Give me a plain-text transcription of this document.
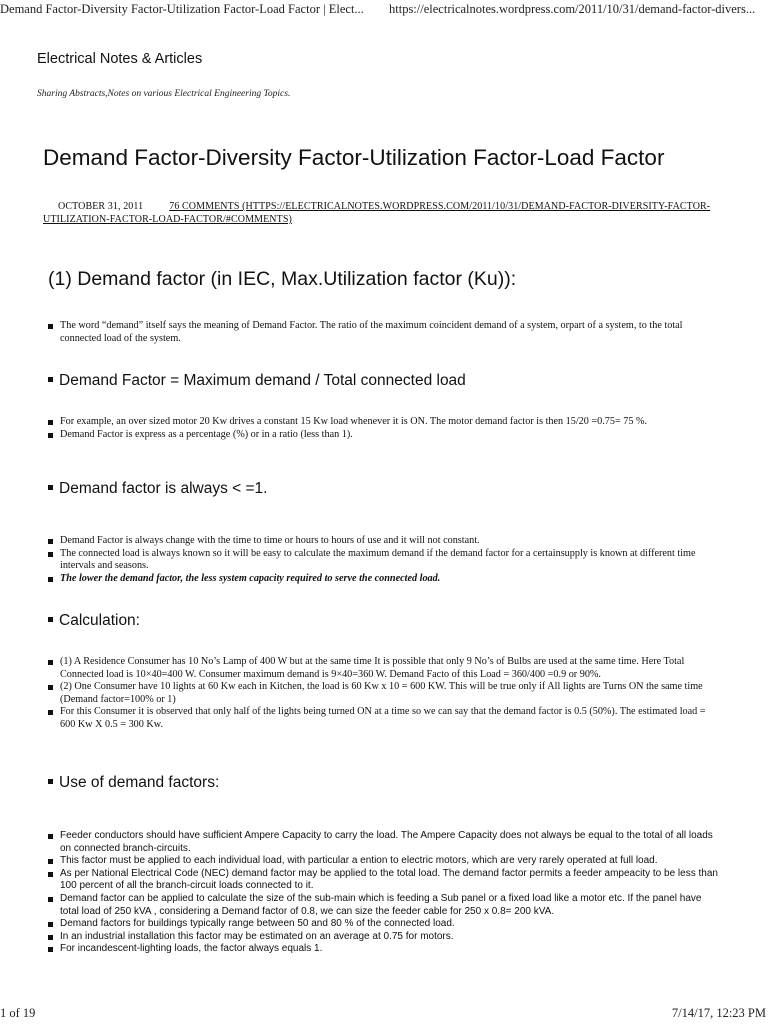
Demand Factor-Diversity Factor-Utilization Factor-Load Factor | Elect... https://electricalnotes.wordpress.com/2011/10/31/demand-factor-divers...
Electrical Notes & Articles
Sharing Abstracts,Notes on various Electrical Engineering Topics.
Demand Factor-Diversity Factor-Utilization Factor-Load Factor
OCTOBER 31, 2011	76 COMMENTS (HTTPS://ELECTRICALNOTES.WORDPRESS.COM/2011/10/31/DEMAND-FACTOR-DIVERSITY-FACTOR-UTILIZATION-FACTOR-LOAD-FACTOR/#COMMENTS)
(1) Demand factor (in IEC, Max.Utilization factor (Ku)):
The word “demand” itself says the meaning of Demand Factor. The ratio of the maximum coincident demand of a system, orpart of a system, to the total connected load of the system.
Demand Factor = Maximum demand / Total connected load
For example, an over sized motor 20 Kw drives a constant 15 Kw load whenever it is ON. The motor demand factor is then 15/20 =0.75= 75 %.
Demand Factor is express as a percentage (%) or in a ratio (less than 1).
Demand factor is always < =1.
Demand Factor is always change with the time to time or hours to hours of use and it will not constant.
The connected load is always known so it will be easy to calculate the maximum demand if the demand factor for a certainsupply is known at different time intervals and seasons.
The lower the demand factor, the less system capacity required to serve the connected load.
Calculation:
(1) A Residence Consumer has 10 No’s Lamp of 400 W but at the same time It is possible that only 9 No’s of Bulbs are used at the same time. Here Total Connected load is 10×40=400 W. Consumer maximum demand is 9×40=360 W. Demand Facto of this Load = 360/400 =0.9 or 90%.
(2) One Consumer have 10 lights at 60 Kw each in Kitchen, the load is 60 Kw x 10 = 600 KW. This will be true only if All lights are Turns ON the same time (Demand factor=100% or 1)
For this Consumer it is observed that only half of the lights being turned ON at a time so we can say that the demand factor is 0.5 (50%). The estimated load = 600 Kw X 0.5 = 300 Kw.
Use of demand factors:
Feeder conductors should have sufficient Ampere Capacity to carry the load. The Ampere Capacity does not always be equal to the total of all loads on connected branch-circuits.
This factor must be applied to each individual load, with particular a ention to electric motors, which are very rarely operated at full load.
As per National Electrical Code (NEC) demand factor may be applied to the total load. The demand factor permits a feeder ampeacity to be less than 100 percent of all the branch-circuit loads connected to it.
Demand factor can be applied to calculate the size of the sub-main which is feeding a Sub panel or a fixed load like a motor etc. If the panel have total load of 250 kVA , considering a Demand factor of 0.8, we can size the feeder cable for 250 x 0.8= 200 kVA.
Demand factors for buildings typically range between 50 and 80 % of the connected load.
In an industrial installation this factor may be estimated on an average at 0.75 for motors.
For incandescent-lighting loads, the factor always equals 1.
1 of 19	7/14/17, 12:23 PM
